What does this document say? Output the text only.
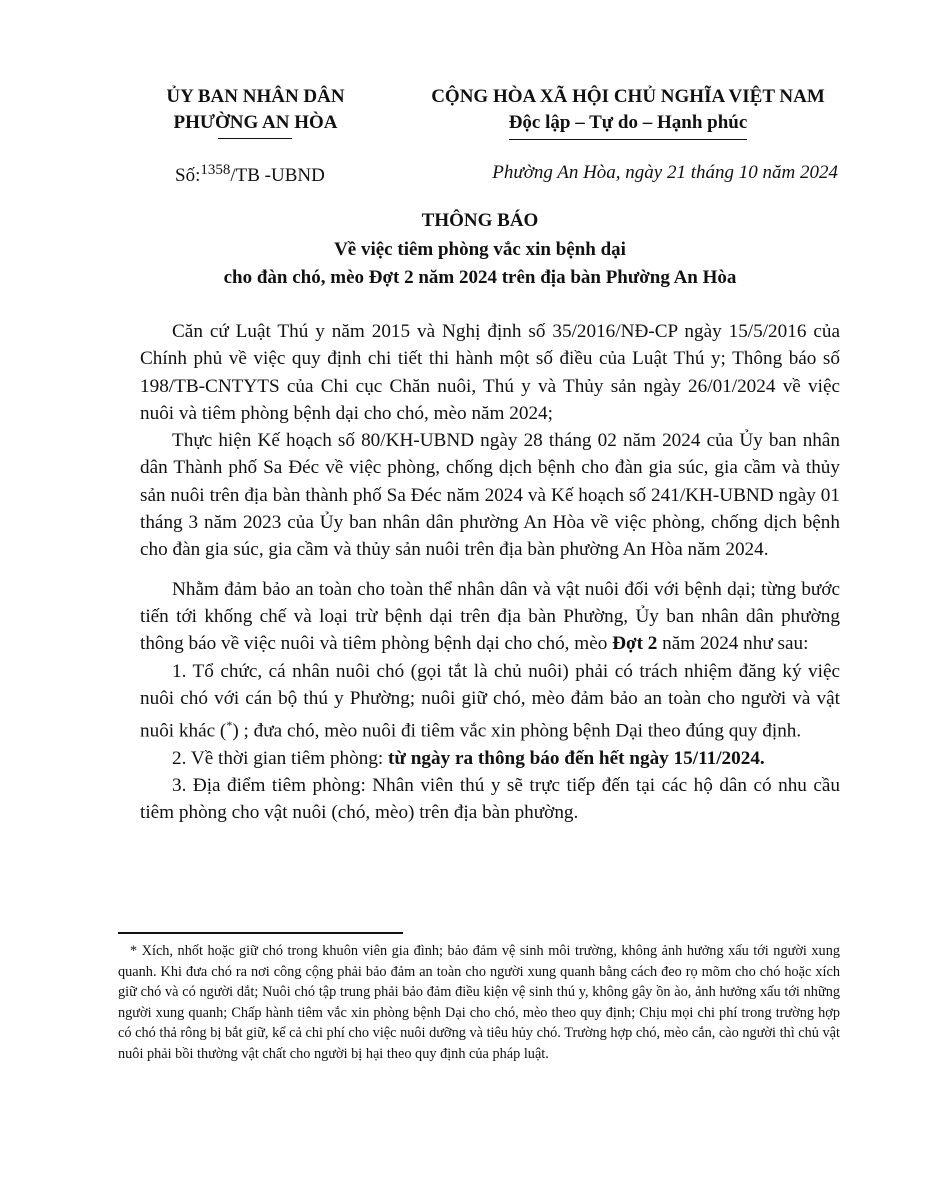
ỦY BAN NHÂN DÂN
PHƯỜNG AN HÒA
CỘNG HÒA XÃ HỘI CHỦ NGHĨA VIỆT NAM
Độc lập – Tự do – Hạnh phúc
Số:$^{1358}$/TB -UBND	Phường An Hòa, ngày 21 tháng 10 năm 2024
THÔNG BÁO
Về việc tiêm phòng vắc xin bệnh dại
cho đàn chó, mèo Đợt 2 năm 2024 trên địa bàn Phường An Hòa

Căn cứ Luật Thú y năm 2015 và Nghị định số 35/2016/NĐ-CP ngày 15/5/2016 của Chính phủ về việc quy định chi tiết thi hành một số điều của Luật Thú y; Thông báo số 198/TB-CNTYTS của Chi cục Chăn nuôi, Thú y và Thủy sản ngày 26/01/2024 về việc nuôi và tiêm phòng bệnh dại cho chó, mèo năm 2024;

Thực hiện Kế hoạch số 80/KH-UBND ngày 28 tháng 02 năm 2024 của Ủy ban nhân dân Thành phố Sa Đéc về việc phòng, chống dịch bệnh cho đàn gia súc, gia cầm và thủy sản nuôi trên địa bàn thành phố Sa Đéc năm 2024 và Kế hoạch số 241/KH-UBND ngày 01 tháng 3 năm 2023 của Ủy ban nhân dân phường An Hòa về việc phòng, chống dịch bệnh cho đàn gia súc, gia cầm và thủy sản nuôi trên địa bàn phường An Hòa năm 2024.

Nhằm đảm bảo an toàn cho toàn thể nhân dân và vật nuôi đối với bệnh dại; từng bước tiến tới khống chế và loại trừ bệnh dại trên địa bàn Phường, Ủy ban nhân dân phường thông báo về việc nuôi và tiêm phòng bệnh dại cho chó, mèo Đợt 2 năm 2024 như sau:

1. Tổ chức, cá nhân nuôi chó (gọi tắt là chủ nuôi) phải có trách nhiệm đăng ký việc nuôi chó với cán bộ thú y Phường; nuôi giữ chó, mèo đảm bảo an toàn cho người và vật nuôi khác (*) ; đưa chó, mèo nuôi đi tiêm vắc xin phòng bệnh Dại theo đúng quy định.

2. Về thời gian tiêm phòng: từ ngày ra thông báo đến hết ngày 15/11/2024.

3. Địa điểm tiêm phòng: Nhân viên thú y sẽ trực tiếp đến tại các hộ dân có nhu cầu tiêm phòng cho vật nuôi (chó, mèo) trên địa bàn phường.

* Xích, nhốt hoặc giữ chó trong khuôn viên gia đình; bảo đảm vệ sinh môi trường, không ảnh hưởng xấu tới người xung quanh. Khi đưa chó ra nơi công cộng phải bảo đảm an toàn cho người xung quanh bằng cách đeo rọ mõm cho chó hoặc xích giữ chó và có người dắt; Nuôi chó tập trung phải bảo đảm điều kiện vệ sinh thú y, không gây ồn ào, ảnh hưởng xấu tới những người xung quanh; Chấp hành tiêm vắc xin phòng bệnh Dại cho chó, mèo theo quy định; Chịu mọi chi phí trong trường hợp có chó thả rông bị bắt giữ, kể cả chi phí cho việc nuôi dưỡng và tiêu hủy chó. Trường hợp chó, mèo cắn, cào người thì chủ vật nuôi phải bồi thường vật chất cho người bị hại theo quy định của pháp luật.
